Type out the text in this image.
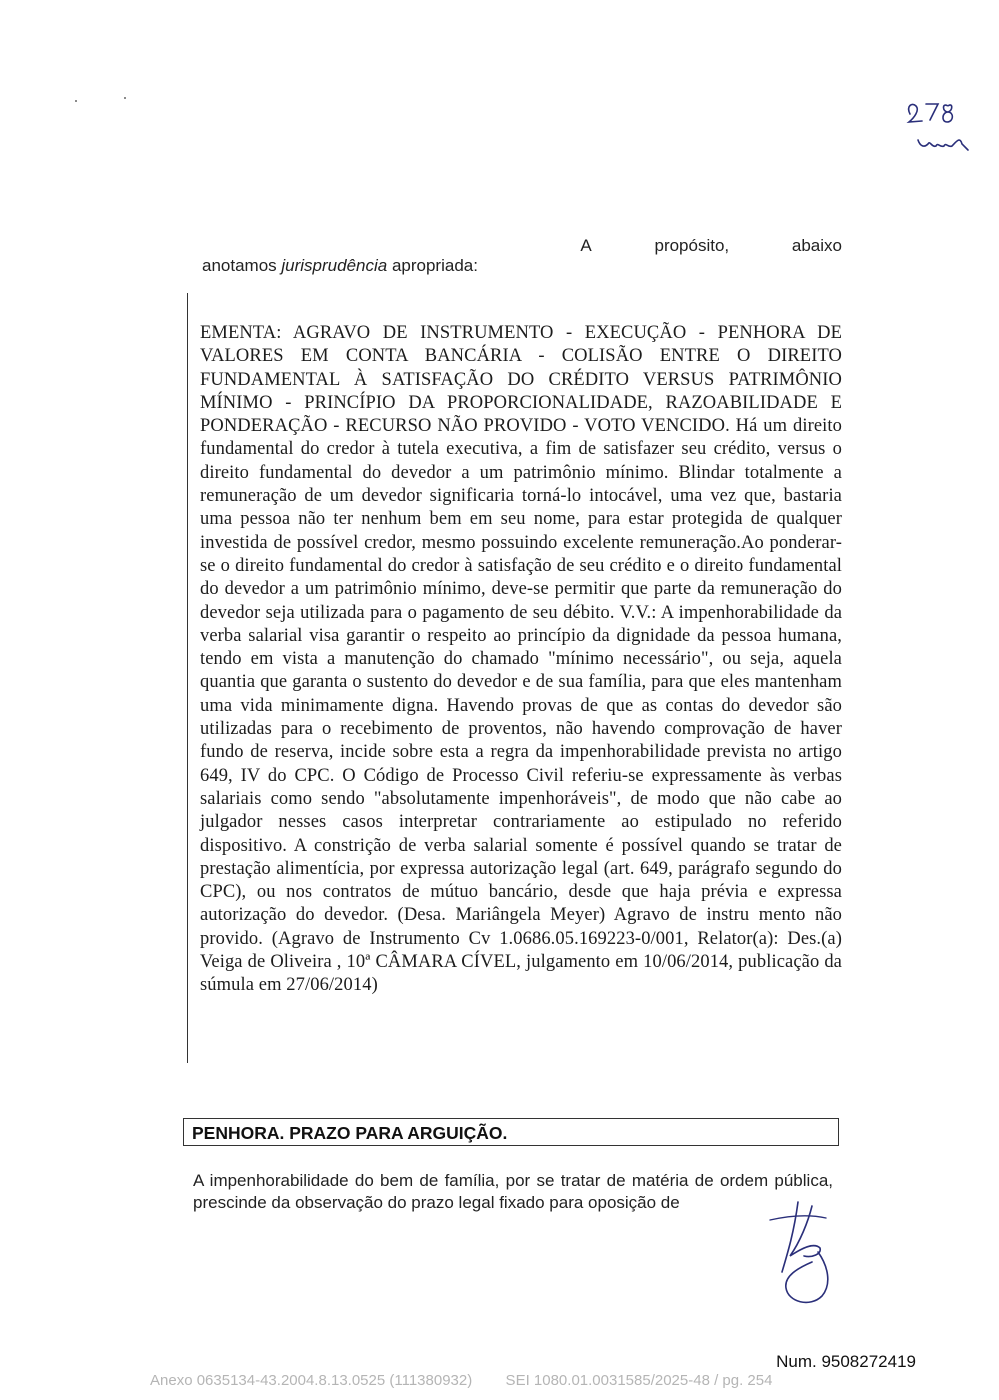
A	propósito,	abaixo
anotamos jurisprudência apropriada:
EMENTA: AGRAVO DE INSTRUMENTO - EXECUÇÃO - PENHORA DE VALORES EM CONTA BANCÁRIA - COLISÃO ENTRE O DIREITO FUNDAMENTAL À SATISFAÇÃO DO CRÉDITO VERSUS PATRIMÔNIO MÍNIMO - PRINCÍPIO DA PROPORCIONALIDADE, RAZOABILIDADE E PONDERAÇÃO - RECURSO NÃO PROVIDO - VOTO VENCIDO. Há um direito fundamental do credor à tutela executiva, a fim de satisfazer seu crédito, versus o direito fundamental do devedor a um patrimônio mínimo. Blindar totalmente a remuneração de um devedor significaria torná-lo intocável, uma vez que, bastaria uma pessoa não ter nenhum bem em seu nome, para estar protegida de qualquer investida de possível credor, mesmo possuindo excelente remuneração.Ao ponderar-se o direito fundamental do credor à satisfação de seu crédito e o direito fundamental do devedor a um patrimônio mínimo, deve-se permitir que parte da remuneração do devedor seja utilizada para o pagamento de seu débito. V.V.: A impenhorabilidade da verba salarial visa garantir o respeito ao princípio da dignidade da pessoa humana, tendo em vista a manutenção do chamado "mínimo necessário", ou seja, aquela quantia que garanta o sustento do devedor e de sua família, para que eles mantenham uma vida minimamente digna. Havendo provas de que as contas do devedor são utilizadas para o recebimento de proventos, não havendo comprovação de haver fundo de reserva, incide sobre esta a regra da impenhorabilidade prevista no artigo 649, IV do CPC. O Código de Processo Civil referiu-se expressamente às verbas salariais como sendo "absolutamente impenhoráveis", de modo que não cabe ao julgador nesses casos interpretar contrariamente ao estipulado no referido dispositivo. A constrição de verba salarial somente é possível quando se tratar de prestação alimentícia, por expressa autorização legal (art. 649, parágrafo segundo do CPC), ou nos contratos de mútuo bancário, desde que haja prévia e expressa autorização do devedor. (Desa. Mariângela Meyer) Agravo de instru mento não provido. (Agravo de Instrumento Cv 1.0686.05.169223-0/001, Relator(a): Des.(a) Veiga de Oliveira , 10ª CÂMARA CÍVEL, julgamento em 10/06/2014, publicação da súmula em 27/06/2014)
PENHORA. PRAZO PARA ARGUIÇÃO.
A impenhorabilidade do bem de família, por se tratar de matéria de ordem pública, prescinde da observação do prazo legal fixado para oposição de
Num. 9508272419
Anexo 0635134-43.2004.8.13.0525 (111380932)        SEI 1080.01.0031585/2025-48 / pg. 254
